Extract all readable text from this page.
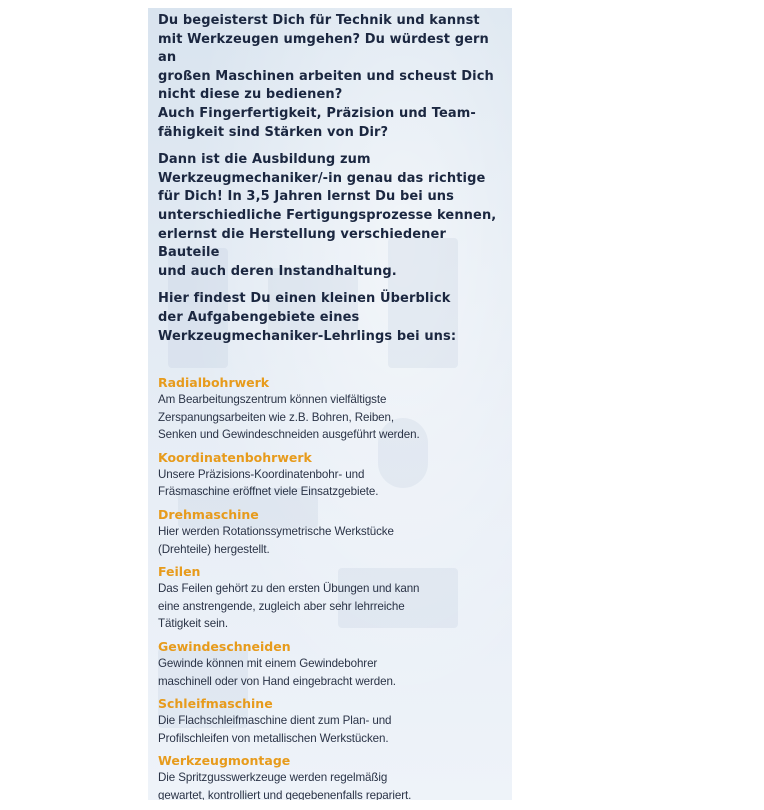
Du begeisterst Dich für Technik und kannst
mit Werkzeugen umgehen? Du würdest gern an
großen Maschinen arbeiten und scheust Dich
nicht diese zu bedienen?
Auch Fingerfertigkeit, Präzision und Team-
fähigkeit sind Stärken von Dir?

Dann ist die Ausbildung zum
Werkzeugmechaniker/-in genau das richtige
für Dich! In 3,5 Jahren lernst Du bei uns
unterschiedliche Fertigungsprozesse kennen,
erlernst die Herstellung verschiedener Bauteile
und auch deren Instandhaltung.

Hier findest Du einen kleinen Überblick
der Aufgabengebiete eines
Werkzeugmechaniker-Lehrlings bei uns:

Radialbohrwerk
Am Bearbeitungszentrum können vielfältigste
Zerspanungsarbeiten wie z.B. Bohren, Reiben,
Senken und Gewindeschneiden ausgeführt werden.
Koordinatenbohrwerk
Unsere Präzisions-Koordinatenbohr- und
Fräsmaschine eröffnet viele Einsatzgebiete.
Drehmaschine
Hier werden Rotationssymetrische Werkstücke
(Drehteile) hergestellt.
Feilen
Das Feilen gehört zu den ersten Übungen und kann
eine anstrengende, zugleich aber sehr lehrreiche
Tätigkeit sein.
Gewindeschneiden
Gewinde können mit einem Gewindebohrer
maschinell oder von Hand eingebracht werden.
Schleifmaschine
Die Flachschleifmaschine dient zum Plan- und
Profilschleifen von metallischen Werkstücken.
Werkzeugmontage
Die Spritzgusswerkzeuge werden regelmäßig
gewartet, kontrolliert und gegebenenfalls repariert.
